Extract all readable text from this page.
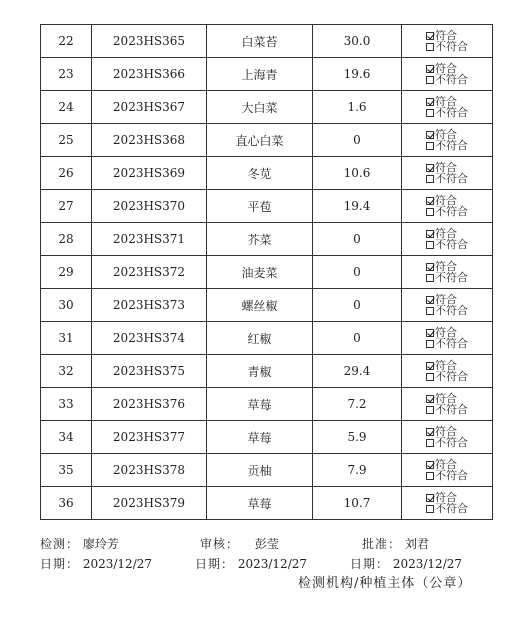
22	2023HS365	白菜苔	30.0	符合
不符合

23	2023HS366	上海青	19.6	符合
不符合

24	2023HS367	大白菜	1.6	符合
不符合

25	2023HS368	直心白菜	0	符合
不符合

26	2023HS369	冬苋	10.6	符合
不符合

27	2023HS370	平苞	19.4	符合
不符合

28	2023HS371	芥菜	0	符合
不符合

29	2023HS372	油麦菜	0	符合
不符合

30	2023HS373	螺丝椒	0	符合
不符合

31	2023HS374	红椒	0	符合
不符合

32	2023HS375	青椒	29.4	符合
不符合

33	2023HS376	草莓	7.2	符合
不符合

34	2023HS377	草莓	5.9	符合
不符合

35	2023HS378	贡柚	7.9	符合
不符合

36	2023HS379	草莓	10.7	符合
不符合
检测： 廖玲芳	审核： 彭莹	批准： 刘君
日期： 2023/12/27	日期： 2023/12/27	日期： 2023/12/27
检测机构/种植主体（公章）
